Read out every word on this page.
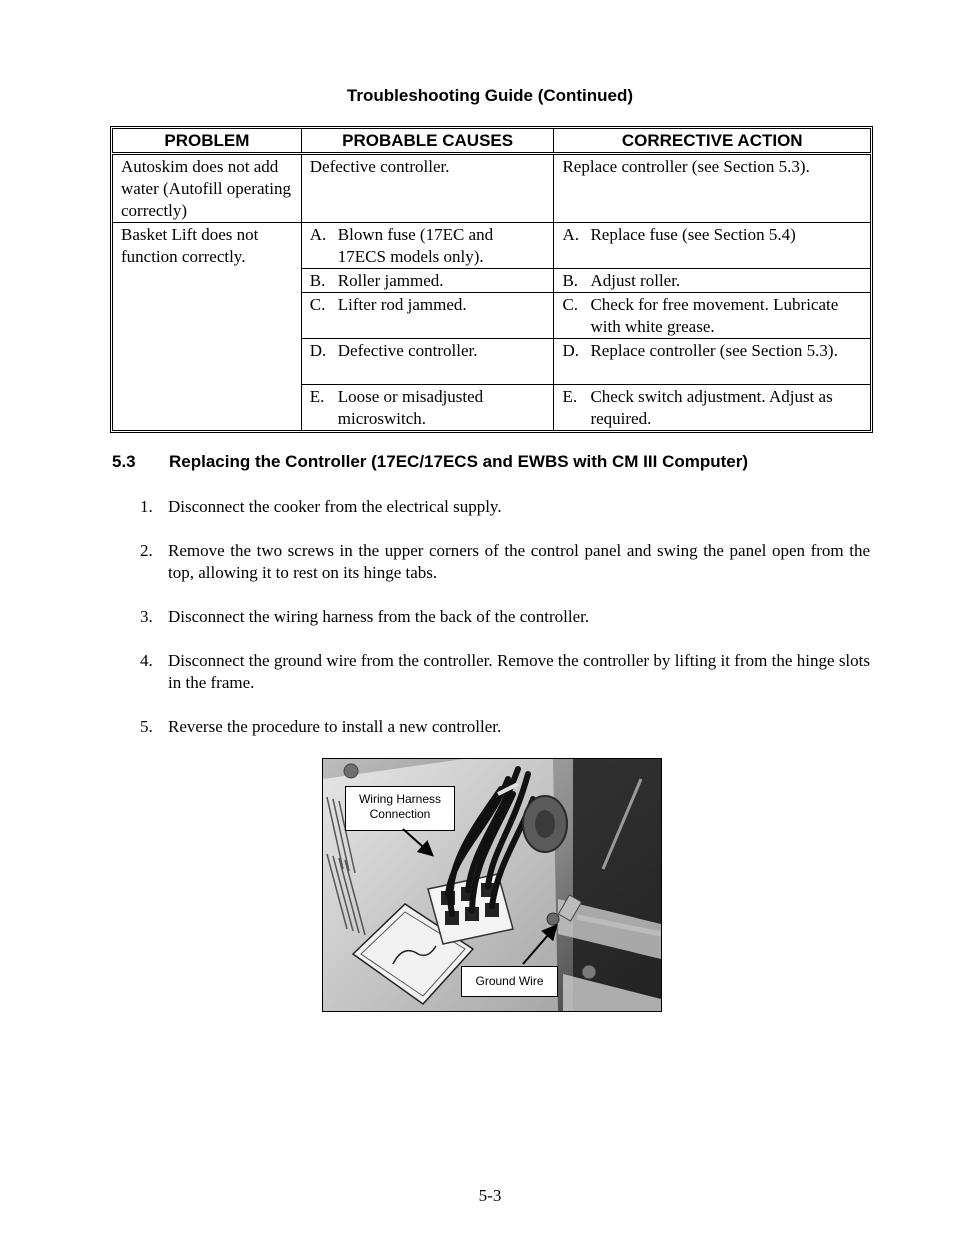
Troubleshooting Guide (Continued)
PROBLEM	PROBABLE CAUSES	CORRECTIVE ACTION
Autoskim does not add water (Autofill operating correctly)	Defective controller.	Replace controller (see Section 5.3).
Basket Lift does not function correctly.	A. Blown fuse (17EC and 17ECS models only).	A. Replace fuse (see Section 5.4)

	B. Roller jammed.	B. Adjust roller.

	C. Lifter rod jammed.	C. Check for free movement. Lubricate with white grease.

	D. Defective controller.	D. Replace controller (see Section 5.3).

	E. Loose or misadjusted microswitch.	E. Check switch adjustment. Adjust as required.
5.3 Replacing the Controller (17EC/17ECS and EWBS with CM III Computer)
1. Disconnect the cooker from the electrical supply.
2. Remove the two screws in the upper corners of the control panel and swing the panel open from the top, allowing it to rest on its hinge tabs.
3. Disconnect the wiring harness from the back of the controller.
4. Disconnect the ground wire from the controller. Remove the controller by lifting it from the hinge slots in the frame.
5. Reverse the procedure to install a new controller.
Wiring Harness
Connection
Ground Wire
5-3
